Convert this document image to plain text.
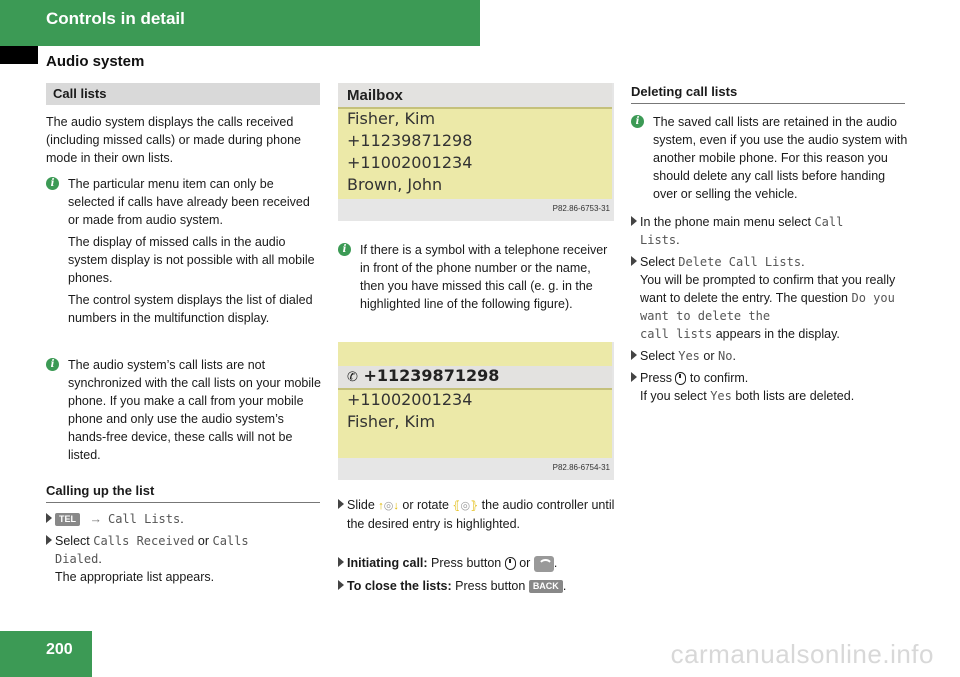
Controls in detail
Audio system
Call lists
The audio system displays the calls received (including missed calls) or made during phone mode in their own lists.
i	The particular menu item can only be selected if calls have already been received or made from audio system.
The display of missed calls in the audio system display is not possible with all mobile phones.
The control system displays the list of dialed numbers in the multifunction display.
i	The audio system’s call lists are not synchronized with the call lists on your mobile phone. If you make a call from your mobile phone and only use the audio system’s hands-free device, these calls will not be listed.
Calling up the list
TEL → Call Lists.
Select Calls Received or Calls
Dialed.
The appropriate list appears.
Mailbox
Fisher, Kim
+11239871298
+11002001234
Brown, John
P82.86-6753-31
i	If there is a symbol with a telephone receiver in front of the phone number or the name, then you have missed this call (e. g. in the highlighted line of the following figure).
✆ +11239871298
+11002001234
Fisher, Kim
P82.86-6754-31
Slide ↑◎↓ or rotate ⦃◎⦄ the audio controller until the desired entry is highlighted.
Initiating call: Press button or .
To close the lists: Press button BACK .
Deleting call lists
i	The saved call lists are retained in the audio system, even if you use the audio system with another mobile phone. For this reason you should delete any call lists before handing over or selling the vehicle.
In the phone main menu select Call
Lists.
Select Delete Call Lists.
You will be prompted to confirm that you really want to delete the entry. The question Do you want to delete the
call lists appears in the display.
Select Yes or No.
Press to confirm.
If you select Yes both lists are deleted.
200	carmanualsonline.info
